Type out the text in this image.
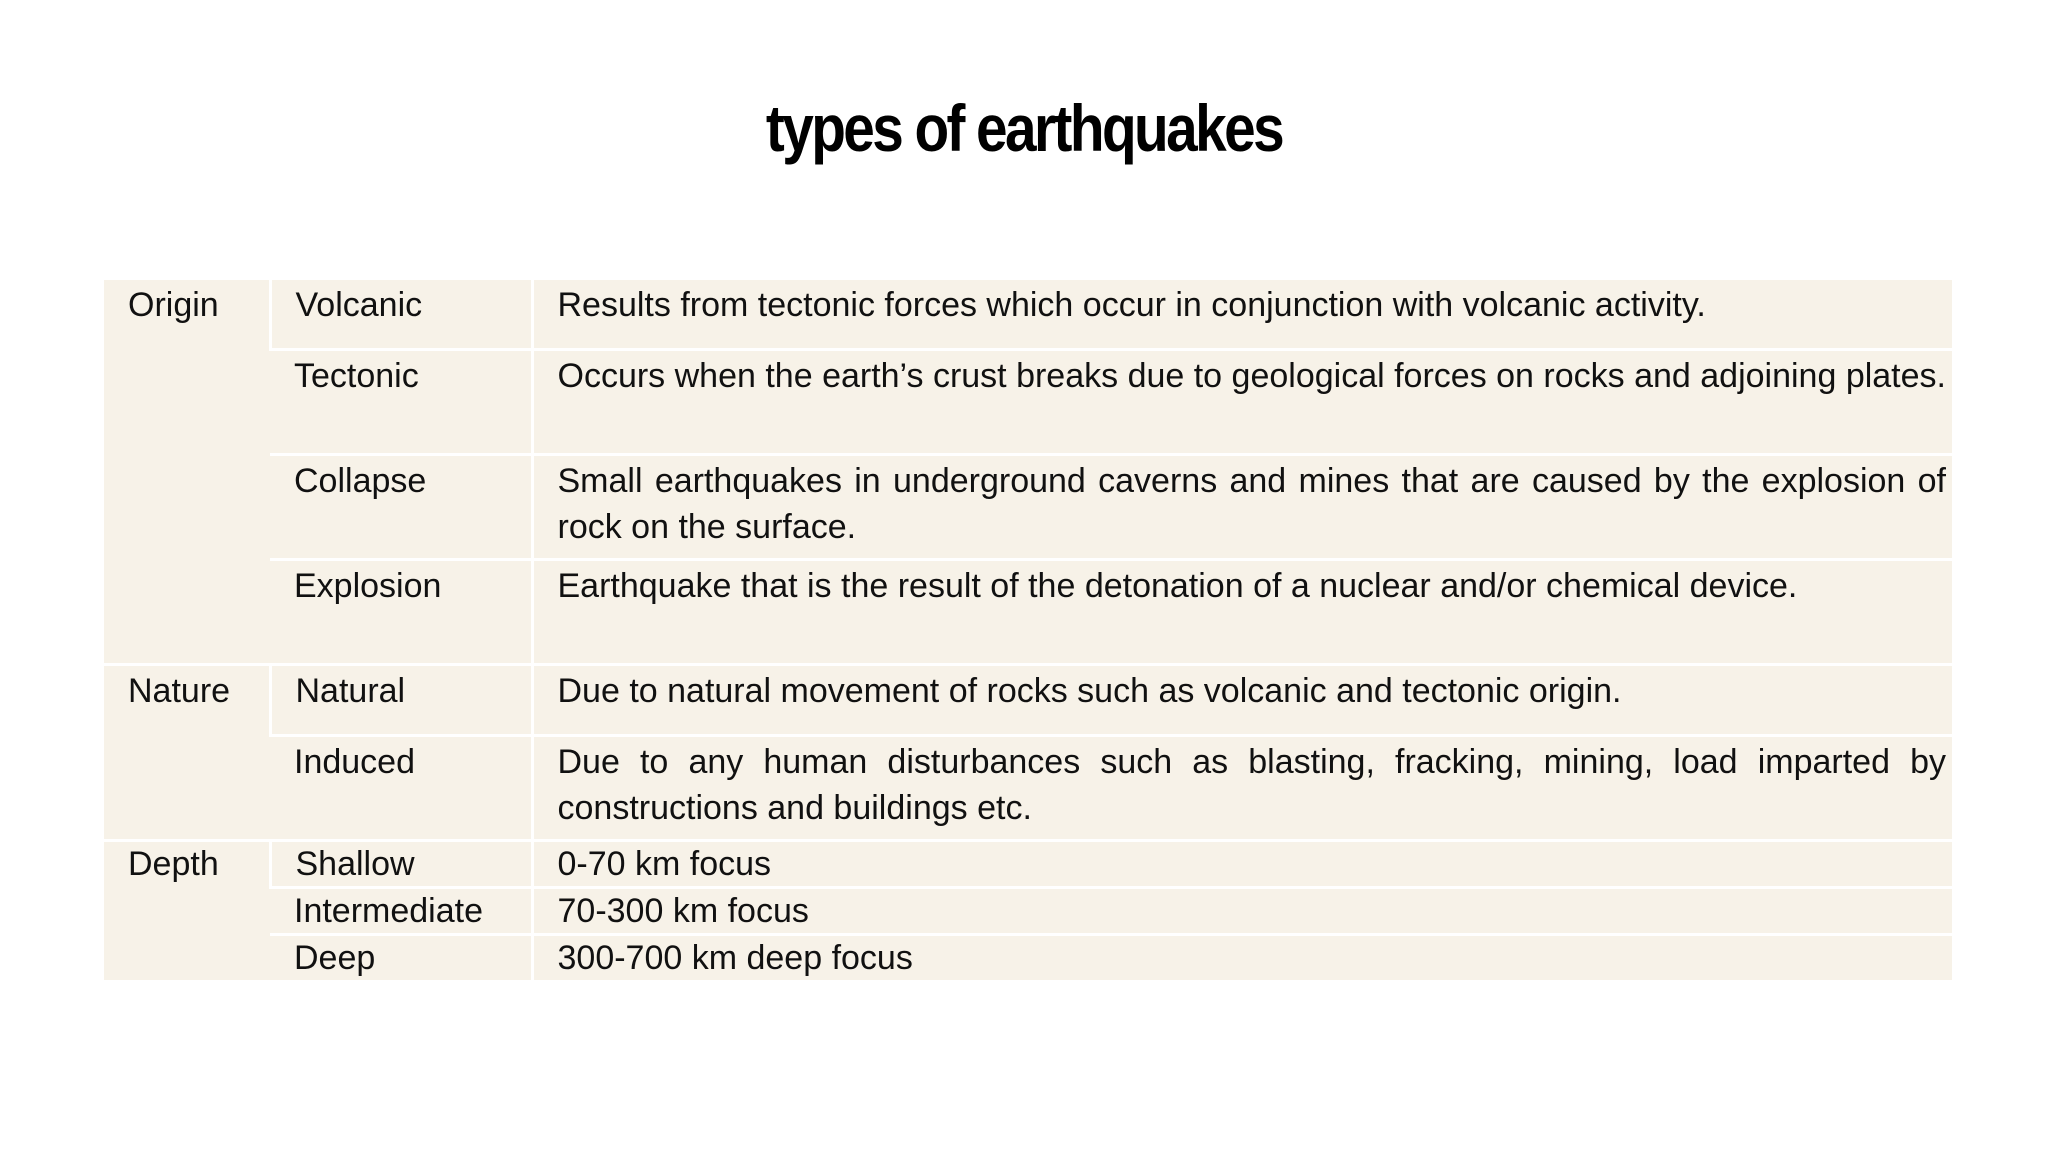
types of earthquakes
Origin	Volcanic	Results from tectonic forces which occur in conjunction with volcanic activity.
	Tectonic	Occurs when the earth’s crust breaks due to geological forces on rocks and adjoining plates.
	Collapse	Small earthquakes in underground caverns and mines that are caused by the explosion of rock on the surface.
	Explosion	Earthquake that is the result of the detonation of a nuclear and/or chemical device.
Nature	Natural	Due to natural movement of rocks such as volcanic and tectonic origin.
	Induced	Due to any human disturbances such as blasting, fracking, mining, load imparted by constructions and buildings etc.
Depth	Shallow	0-70 km focus
	Intermediate	70-300 km focus
	Deep	300-700 km deep focus
